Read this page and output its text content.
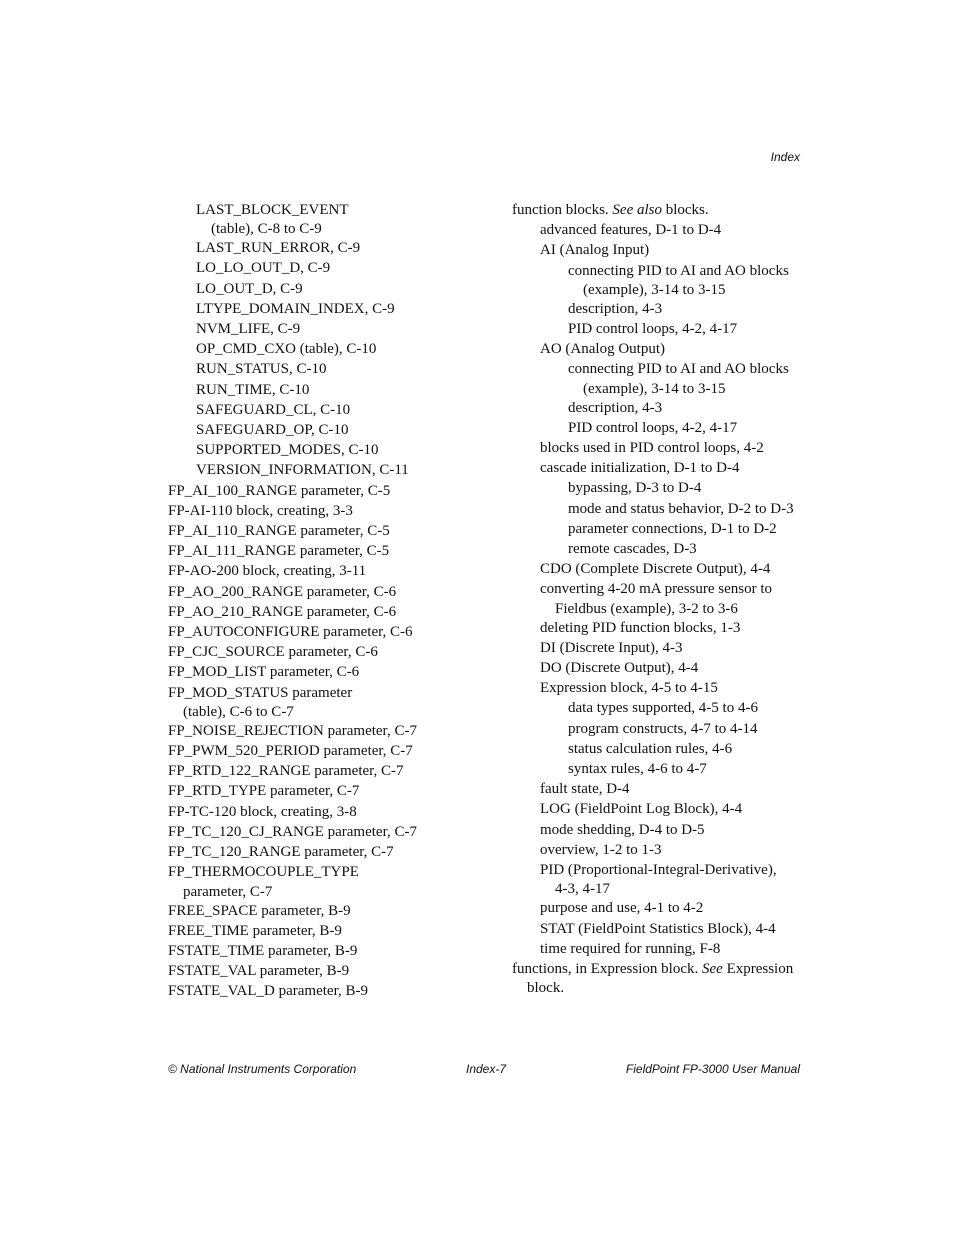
Index
LAST_BLOCK_EVENT
(table), C-8 to C-9
LAST_RUN_ERROR, C-9
LO_LO_OUT_D, C-9
LO_OUT_D, C-9
LTYPE_DOMAIN_INDEX, C-9
NVM_LIFE, C-9
OP_CMD_CXO (table), C-10
RUN_STATUS, C-10
RUN_TIME, C-10
SAFEGUARD_CL, C-10
SAFEGUARD_OP, C-10
SUPPORTED_MODES, C-10
VERSION_INFORMATION, C-11
FP_AI_100_RANGE parameter, C-5
FP-AI-110 block, creating, 3-3
FP_AI_110_RANGE parameter, C-5
FP_AI_111_RANGE parameter, C-5
FP-AO-200 block, creating, 3-11
FP_AO_200_RANGE parameter, C-6
FP_AO_210_RANGE parameter, C-6
FP_AUTOCONFIGURE parameter, C-6
FP_CJC_SOURCE parameter, C-6
FP_MOD_LIST parameter, C-6
FP_MOD_STATUS parameter
(table), C-6 to C-7
FP_NOISE_REJECTION parameter, C-7
FP_PWM_520_PERIOD parameter, C-7
FP_RTD_122_RANGE parameter, C-7
FP_RTD_TYPE parameter, C-7
FP-TC-120 block, creating, 3-8
FP_TC_120_CJ_RANGE parameter, C-7
FP_TC_120_RANGE parameter, C-7
FP_THERMOCOUPLE_TYPE
parameter, C-7
FREE_SPACE parameter, B-9
FREE_TIME parameter, B-9
FSTATE_TIME parameter, B-9
FSTATE_VAL parameter, B-9
FSTATE_VAL_D parameter, B-9
function blocks. See also blocks.
advanced features, D-1 to D-4
AI (Analog Input)
connecting PID to AI and AO blocks
(example), 3-14 to 3-15
description, 4-3
PID control loops, 4-2, 4-17
AO (Analog Output)
connecting PID to AI and AO blocks
(example), 3-14 to 3-15
description, 4-3
PID control loops, 4-2, 4-17
blocks used in PID control loops, 4-2
cascade initialization, D-1 to D-4
bypassing, D-3 to D-4
mode and status behavior, D-2 to D-3
parameter connections, D-1 to D-2
remote cascades, D-3
CDO (Complete Discrete Output), 4-4
converting 4-20 mA pressure sensor to
Fieldbus (example), 3-2 to 3-6
deleting PID function blocks, 1-3
DI (Discrete Input), 4-3
DO (Discrete Output), 4-4
Expression block, 4-5 to 4-15
data types supported, 4-5 to 4-6
program constructs, 4-7 to 4-14
status calculation rules, 4-6
syntax rules, 4-6 to 4-7
fault state, D-4
LOG (FieldPoint Log Block), 4-4
mode shedding, D-4 to D-5
overview, 1-2 to 1-3
PID (Proportional-Integral-Derivative),
4-3, 4-17
purpose and use, 4-1 to 4-2
STAT (FieldPoint Statistics Block), 4-4
time required for running, F-8
functions, in Expression block. See Expression
block.
© National Instruments Corporation	Index-7	FieldPoint FP-3000 User Manual
